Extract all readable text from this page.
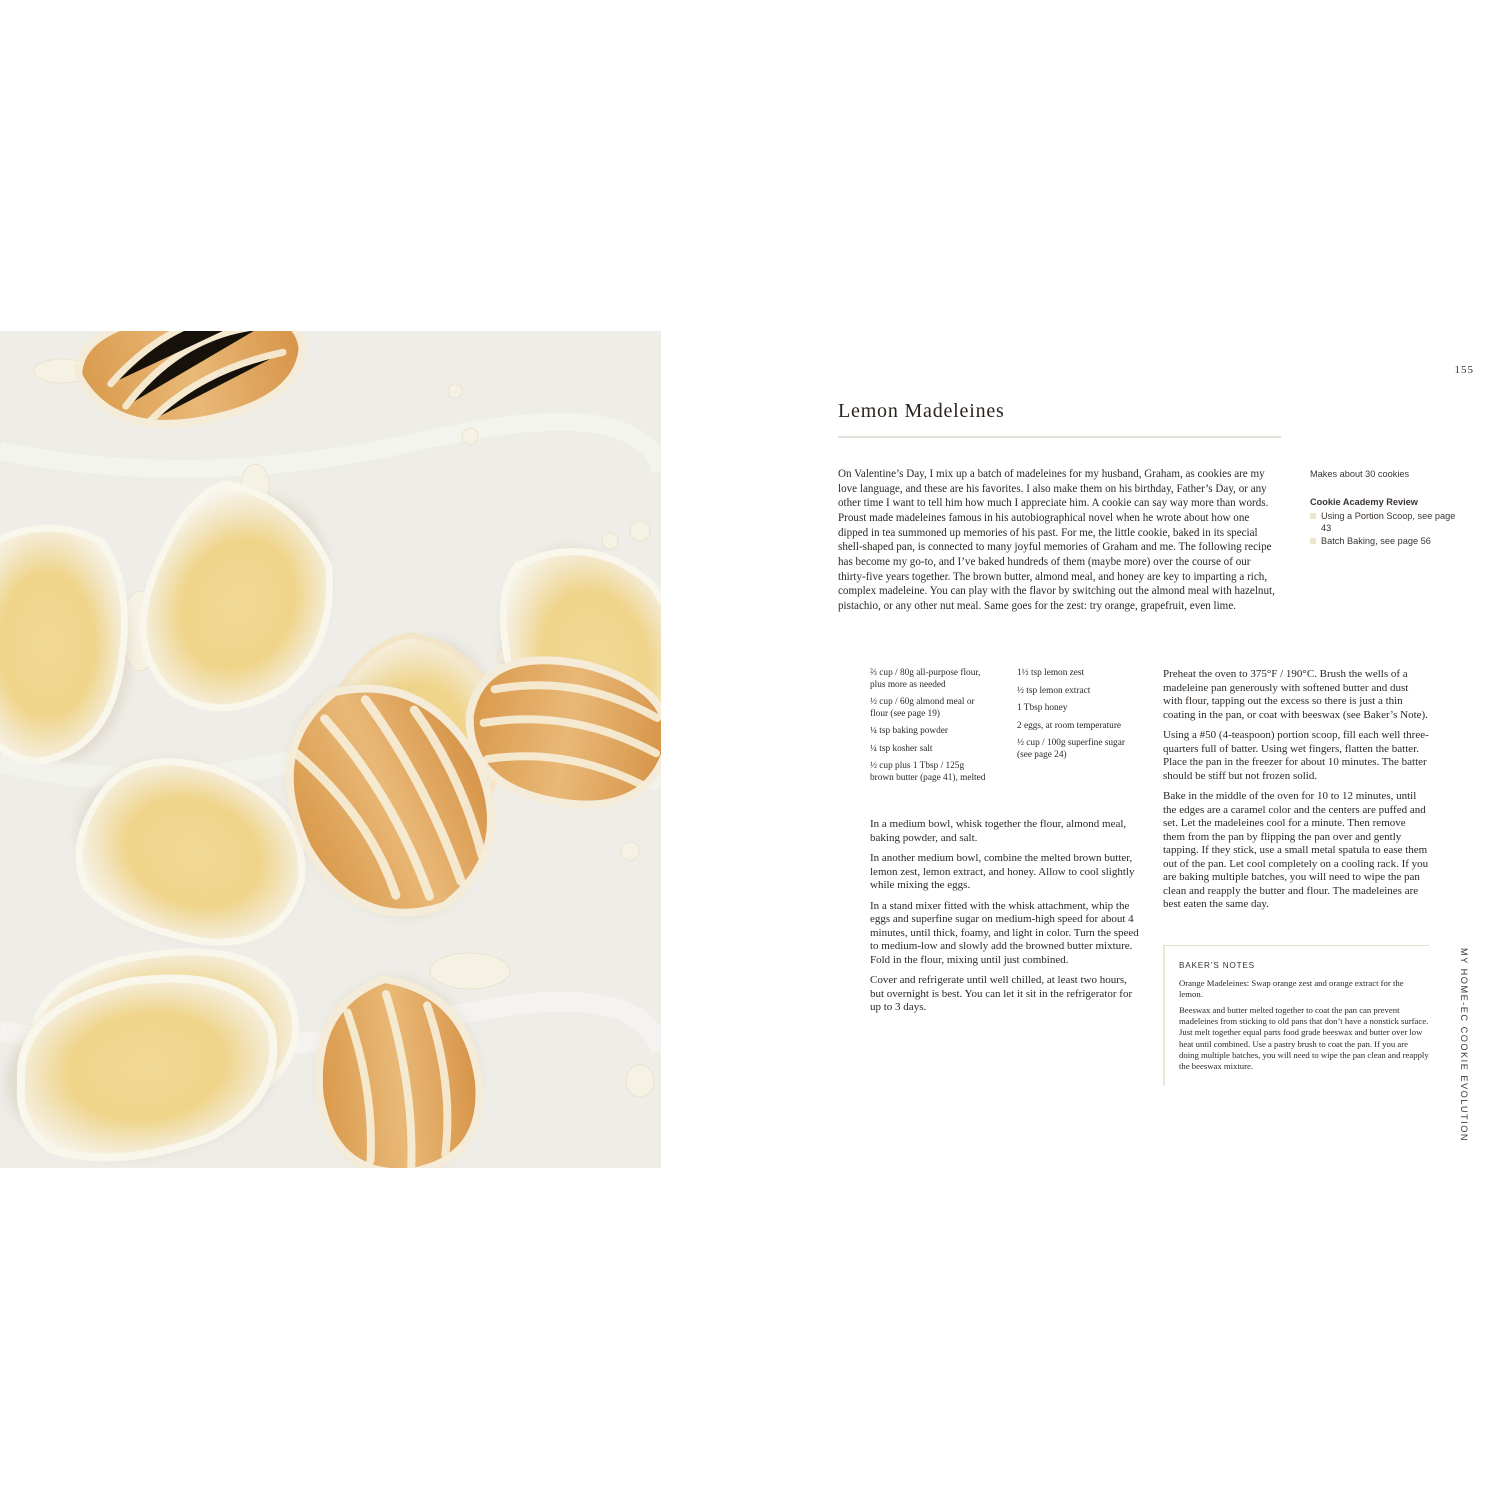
155
Lemon Madeleines
On Valentine’s Day, I mix up a batch of madeleines for my husband, Graham, as cookies are my love language, and these are his favorites. I also make them on his birthday, Father’s Day, or any other time I want to tell him how much I appreciate him. A cookie can say way more than words. Proust made madeleines famous in his autobiographical novel when he wrote about how one dipped in tea summoned up memories of his past. For me, the little cookie, baked in its special shell-shaped pan, is connected to many joyful memories of Graham and me. The following recipe has become my go-to, and I’ve baked hundreds of them (maybe more) over the course of our thirty-five years together. The brown butter, almond meal, and honey are key to imparting a rich, complex madeleine. You can play with the flavor by switching out the almond meal with hazelnut, pistachio, or any other nut meal. Same goes for the zest: try orange, grapefruit, even lime.
Makes about 30 cookies
Cookie Academy Review
Using a Portion Scoop, see page 43
Batch Baking, see page 56
⅔ cup / 80g all-purpose flour, plus more as needed
½ cup / 60g almond meal or flour (see page 19)
¼ tsp baking powder
¼ tsp kosher salt
½ cup plus 1 Tbsp / 125g brown butter (page 41), melted
1½ tsp lemon zest
½ tsp lemon extract
1 Tbsp honey
2 eggs, at room temperature
½ cup / 100g superfine sugar (see page 24)

In a medium bowl, whisk together the flour, almond meal, baking powder, and salt.

In another medium bowl, combine the melted brown butter, lemon zest, lemon extract, and honey. Allow to cool slightly while mixing the eggs.

In a stand mixer fitted with the whisk attachment, whip the eggs and superfine sugar on medium-high speed for about 4 minutes, until thick, foamy, and light in color. Turn the speed to medium-low and slowly add the browned butter mixture. Fold in the flour, mixing until just combined.

Cover and refrigerate until well chilled, at least two hours, but overnight is best. You can let it sit in the refrigerator for up to 3 days.

Preheat the oven to 375°F / 190°C. Brush the wells of a madeleine pan generously with softened butter and dust with flour, tapping out the excess so there is just a thin coating in the pan, or coat with beeswax (see Baker’s Note).

Using a #50 (4-teaspoon) portion scoop, fill each well three-quarters full of batter. Using wet fingers, flatten the batter. Place the pan in the freezer for about 10 minutes. The batter should be stiff but not frozen solid.

Bake in the middle of the oven for 10 to 12 minutes, until the edges are a caramel color and the centers are puffed and set. Let the madeleines cool for a minute. Then remove them from the pan by flipping the pan over and gently tapping. If they stick, use a small metal spatula to ease them out of the pan. Let cool completely on a cooling rack. If you are baking multiple batches, you will need to wipe the pan clean and reapply the butter and flour. The madeleines are best eaten the same day.

BAKER’S NOTES

Orange Madeleines: Swap orange zest and orange extract for the lemon.

Beeswax and butter melted together to coat the pan can prevent madeleines from sticking to old pans that don’t have a nonstick surface. Just melt together equal parts food grade beeswax and butter over low heat until combined. Use a pastry brush to coat the pan. If you are doing multiple batches, you will need to wipe the pan clean and reapply the beeswax mixture.	MY HOME-EC COOKIE EVOLUTION
